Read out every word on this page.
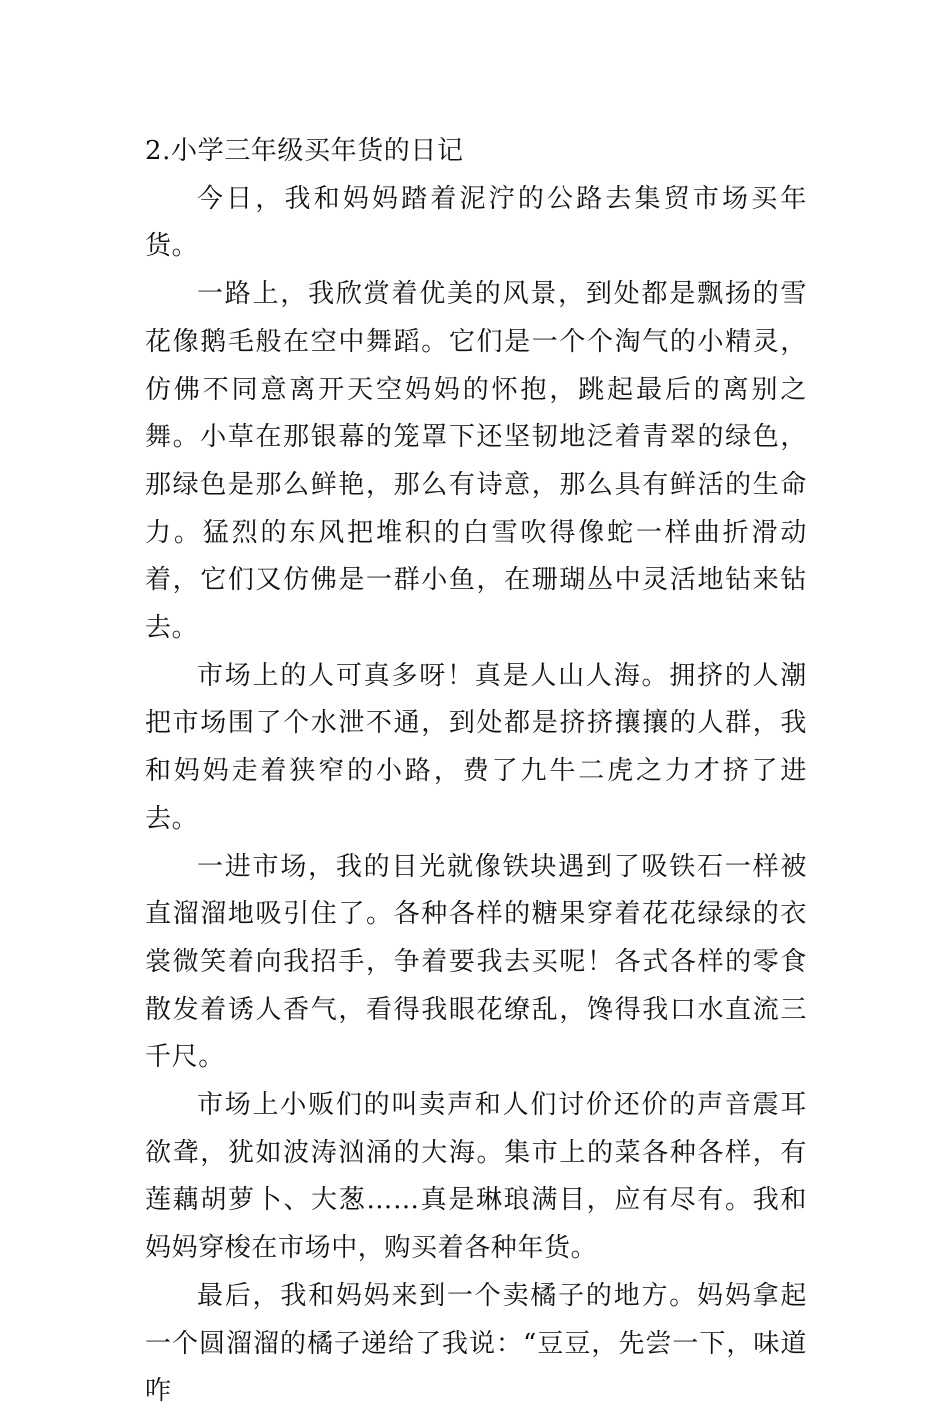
2.小学三年级买年货的日记

今日，我和妈妈踏着泥泞的公路去集贸市场买年货。

一路上，我欣赏着优美的风景，到处都是飘扬的雪花像鹅毛般在空中舞蹈。它们是一个个淘气的小精灵，仿佛不同意离开天空妈妈的怀抱，跳起最后的离别之舞。小草在那银幕的笼罩下还坚韧地泛着青翠的绿色，那绿色是那么鲜艳，那么有诗意，那么具有鲜活的生命力。猛烈的东风把堆积的白雪吹得像蛇一样曲折滑动着，它们又仿佛是一群小鱼，在珊瑚丛中灵活地钻来钻去。

市场上的人可真多呀！真是人山人海。拥挤的人潮把市场围了个水泄不通，到处都是挤挤攘攘的人群，我和妈妈走着狭窄的小路，费了九牛二虎之力才挤了进去。

一进市场，我的目光就像铁块遇到了吸铁石一样被直溜溜地吸引住了。各种各样的糖果穿着花花绿绿的衣裳微笑着向我招手，争着要我去买呢！各式各样的零食散发着诱人香气，看得我眼花缭乱，馋得我口水直流三千尺。

市场上小贩们的叫卖声和人们讨价还价的声音震耳欲聋，犹如波涛汹涌的大海。集市上的菜各种各样，有莲藕胡萝卜、大葱……真是琳琅满目，应有尽有。我和妈妈穿梭在市场中，购买着各种年货。

最后，我和妈妈来到一个卖橘子的地方。妈妈拿起一个圆溜溜的橘子递给了我说：“豆豆，先尝一下，味道咋
